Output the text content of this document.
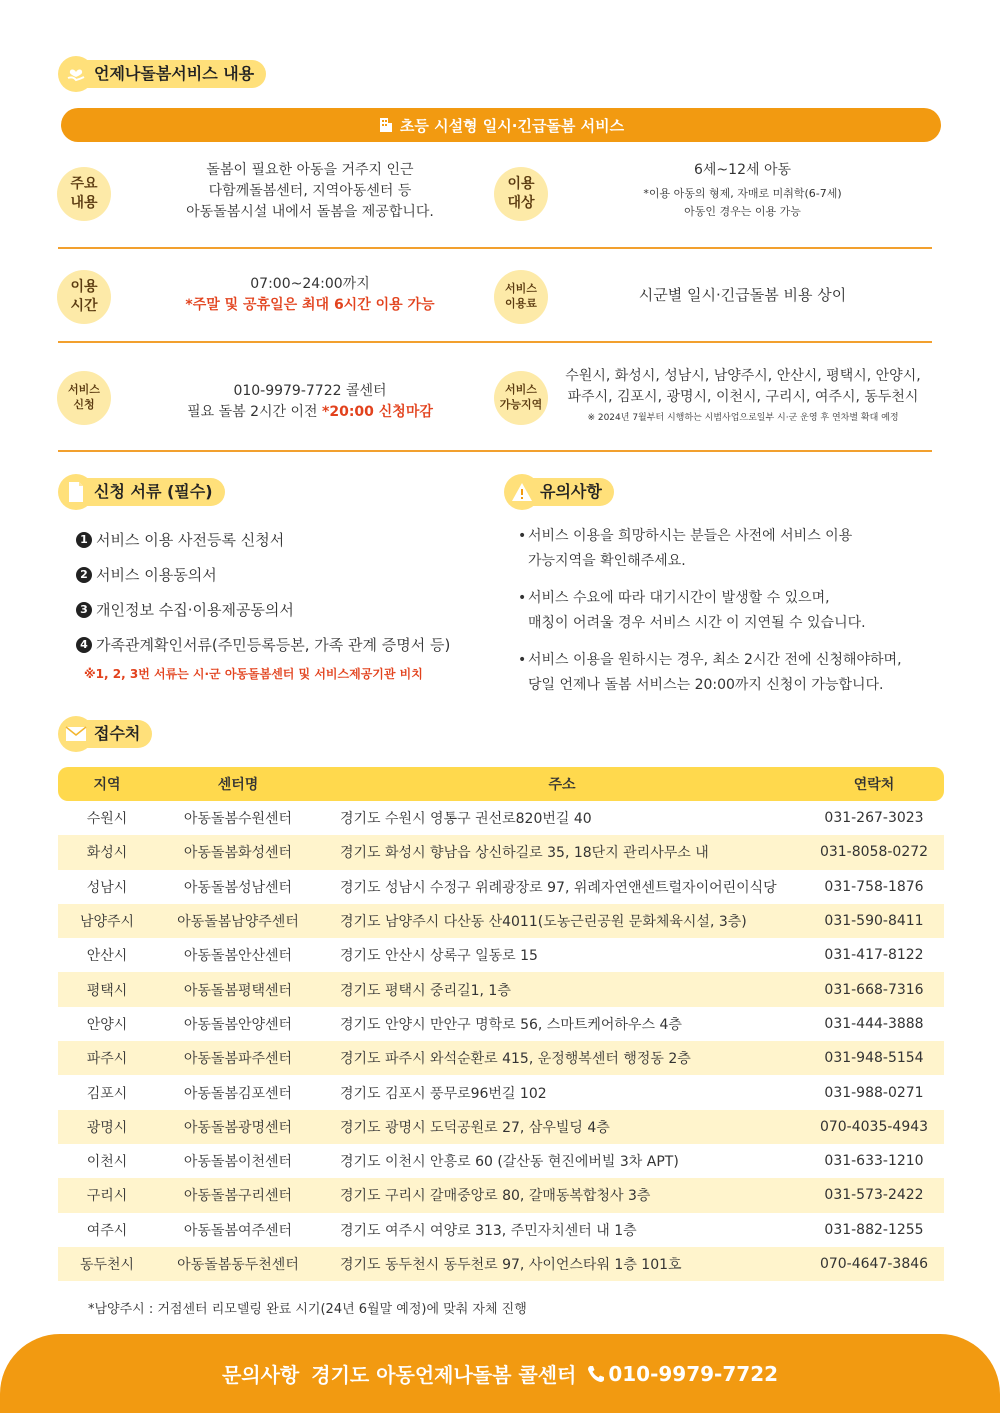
언제나돌봄서비스 내용
초등 시설형 일시·긴급돌봄 서비스
주요
내용
돌봄이 필요한 아동을 거주지 인근
다함께돌봄센터, 지역아동센터 등
아동돌봄시설 내에서 돌봄을 제공합니다.
이용
대상
6세~12세 아동
*이용 아동의 형제, 자매로 미취학(6-7세)
아동인 경우는 이용 가능
이용
시간
07:00~24:00까지
*주말 및 공휴일은 최대 6시간 이용 가능
서비스
이용료	시군별 일시·긴급돌봄 비용 상이
서비스
신청
010-9979-7722 콜센터
필요 돌봄 2시간 이전 *20:00 신청마감
서비스
가능지역
수원시, 화성시, 성남시, 남양주시, 안산시, 평택시, 안양시,
파주시, 김포시, 광명시, 이천시, 구리시, 여주시, 동두천시
※ 2024년 7월부터 시행하는 시범사업으로일부 시·군 운영 후 연차별 확대 예정
신청 서류 (필수)
1 서비스 이용 사전등록 신청서
2 서비스 이용동의서
3 개인정보 수집·이용제공동의서
4 가족관계확인서류(주민등록등본, 가족 관계 증명서 등)
※1, 2, 3번 서류는 시·군 아동돌봄센터 및 서비스제공기관 비치
유의사항
• 서비스 이용을 희망하시는 분들은 사전에 서비스 이용
가능지역을 확인해주세요.
• 서비스 수요에 따라 대기시간이 발생할 수 있으며,
매칭이 어려울 경우 서비스 시간 이 지연될 수 있습니다.
• 서비스 이용을 원하시는 경우, 최소 2시간 전에 신청해야하며,
당일 언제나 돌봄 서비스는 20:00까지 신청이 가능합니다.
접수처
지역	센터명	주소	연락처
수원시	아동돌봄수원센터	경기도 수원시 영통구 권선로820번길 40	031-267-3023
화성시	아동돌봄화성센터	경기도 화성시 향남읍 상신하길로 35, 18단지 관리사무소 내	031-8058-0272
성남시	아동돌봄성남센터	경기도 성남시 수정구 위례광장로 97, 위례자연앤센트럴자이어린이식당	031-758-1876
남양주시	아동돌봄남양주센터	경기도 남양주시 다산동 산4011(도농근린공원 문화체육시설, 3층)	031-590-8411
안산시	아동돌봄안산센터	경기도 안산시 상록구 일동로 15	031-417-8122
평택시	아동돌봄평택센터	경기도 평택시 중리길1, 1층	031-668-7316
안양시	아동돌봄안양센터	경기도 안양시 만안구 명학로 56, 스마트케어하우스 4층	031-444-3888
파주시	아동돌봄파주센터	경기도 파주시 와석순환로 415, 운정행복센터 행정동 2층	031-948-5154
김포시	아동돌봄김포센터	경기도 김포시 풍무로96번길 102	031-988-0271
광명시	아동돌봄광명센터	경기도 광명시 도덕공원로 27, 삼우빌딩 4층	070-4035-4943
이천시	아동돌봄이천센터	경기도 이천시 안흥로 60 (갈산동 현진에버빌 3차 APT)	031-633-1210
구리시	아동돌봄구리센터	경기도 구리시 갈매중앙로 80, 갈매동복합청사 3층	031-573-2422
여주시	아동돌봄여주센터	경기도 여주시 여양로 313, 주민자치센터 내 1층	031-882-1255
동두천시	아동돌봄동두천센터	경기도 동두천시 동두천로 97, 사이언스타워 1층 101호	070-4647-3846
*남양주시 : 거점센터 리모델링 완료 시기(24년 6월말 예정)에 맞춰 자체 진행
문의사항 경기도 아동언제나돌봄 콜센터 010-9979-7722
